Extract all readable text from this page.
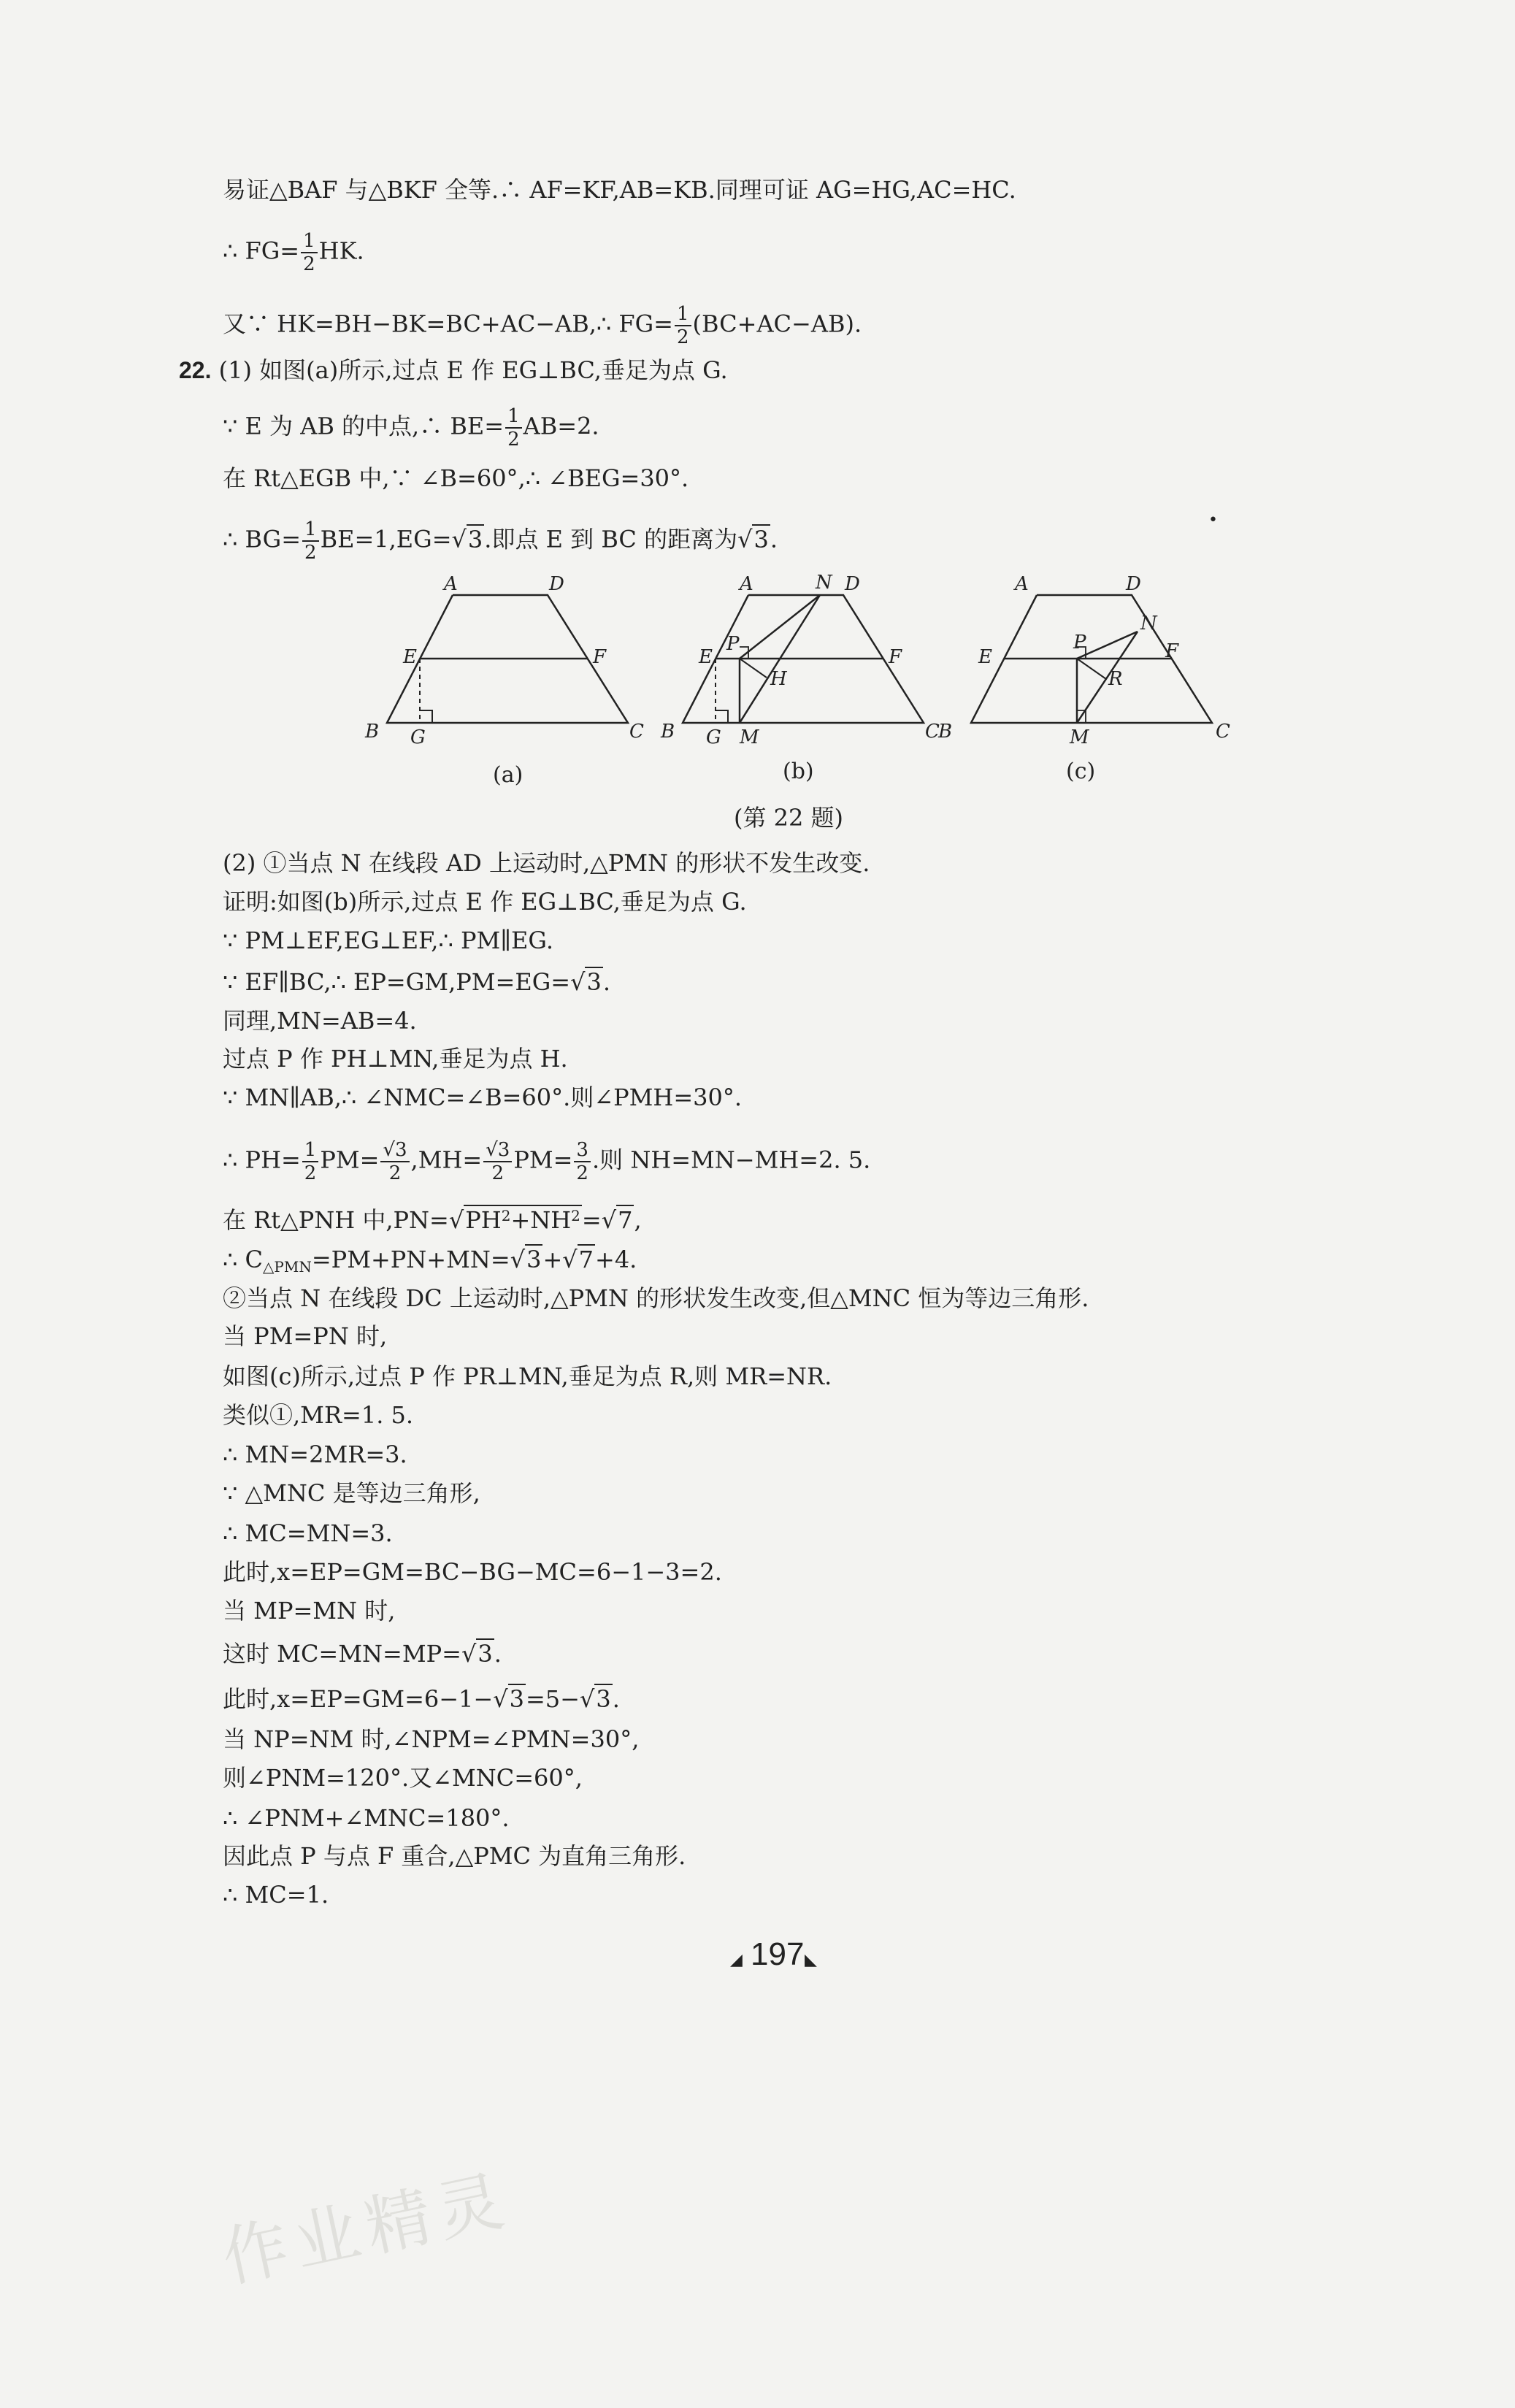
易证△BAF 与△BKF 全等.∴ AF=KF,AB=KB.同理可证 AG=HG,AC=HC.
∴ $FG= \frac{1}{2}$ HK.
又∵ HK=BH−BK=BC+AC−AB,∴ $FG= \frac{1}{2} (BC+AC-AB)$.
22. (1) 如图(a)所示,过点 E 作 EG⊥BC,垂足为点 G.
∵ E 为 AB 的中点,∴ $BE= \frac{1}{2} AB=2$.
在 Rt△EGB 中,∵ ∠B=60°,∴ ∠BEG=30°.
∴ $BG= \frac{1}{2} BE=1,EG=√3$.即点 E 到 BC 的距离为√3.
•
A	D
E	F
B G	C
(a)
A	N D
P
E	F
H
B G M	C
(b)
A	D
P
N
E	F
R
B	M	C
(c)
(第 22 题)
(2) ①当点 N 在线段 AD 上运动时,△PMN 的形状不发生改变.
证明:如图(b)所示,过点 E 作 EG⊥BC,垂足为点 G.
∵ PM⊥EF,EG⊥EF,∴ PM∥EG.
∵ EF∥BC,∴ EP=GM,PM=EG=√3.
同理,MN=AB=4.
过点 P 作 PH⊥MN,垂足为点 H.
∵ MN∥AB,∴ ∠NMC=∠B=60°.则∠PMH=30°.
∴ $PH= \frac{1}{2} PM= \frac{√3}{2} ,MH= \frac{√3}{2} PM= \frac{3}{2}$ .则 NH=MN−MH=2. 5.
在 Rt△PNH 中$,PN=√PH^2+NH^2=√7$,
∴ $C_{\triangle PMN}=PM+PN+MN=√3+√7+4$.
②当点 N 在线段 DC 上运动时,△PMN 的形状发生改变,但△MNC 恒为等边三角形.
当 PM=PN 时,
如图(c)所示,过点 P 作 PR⊥MN,垂足为点 R,则 MR=NR.
类似①,MR=1. 5.
∴ MN=2MR=3.
∵ △MNC 是等边三角形,
∴ MC=MN=3.
此时,x=EP=GM=BC−BG−MC=6−1−3=2.
当 MP=MN 时,
这时 MC=MN=MP=√3.
此时,x=EP=GM=6−1−√3=5−√3.
当 NP=NM 时,∠NPM=∠PMN=30°,
则∠PNM=120°.又∠MNC=60°,
∴ ∠PNM+∠MNC=180°.
因此点 P 与点 F 重合,△PMC 为直角三角形.
∴ MC=1.
◢ 197 ◣
作业精灵
